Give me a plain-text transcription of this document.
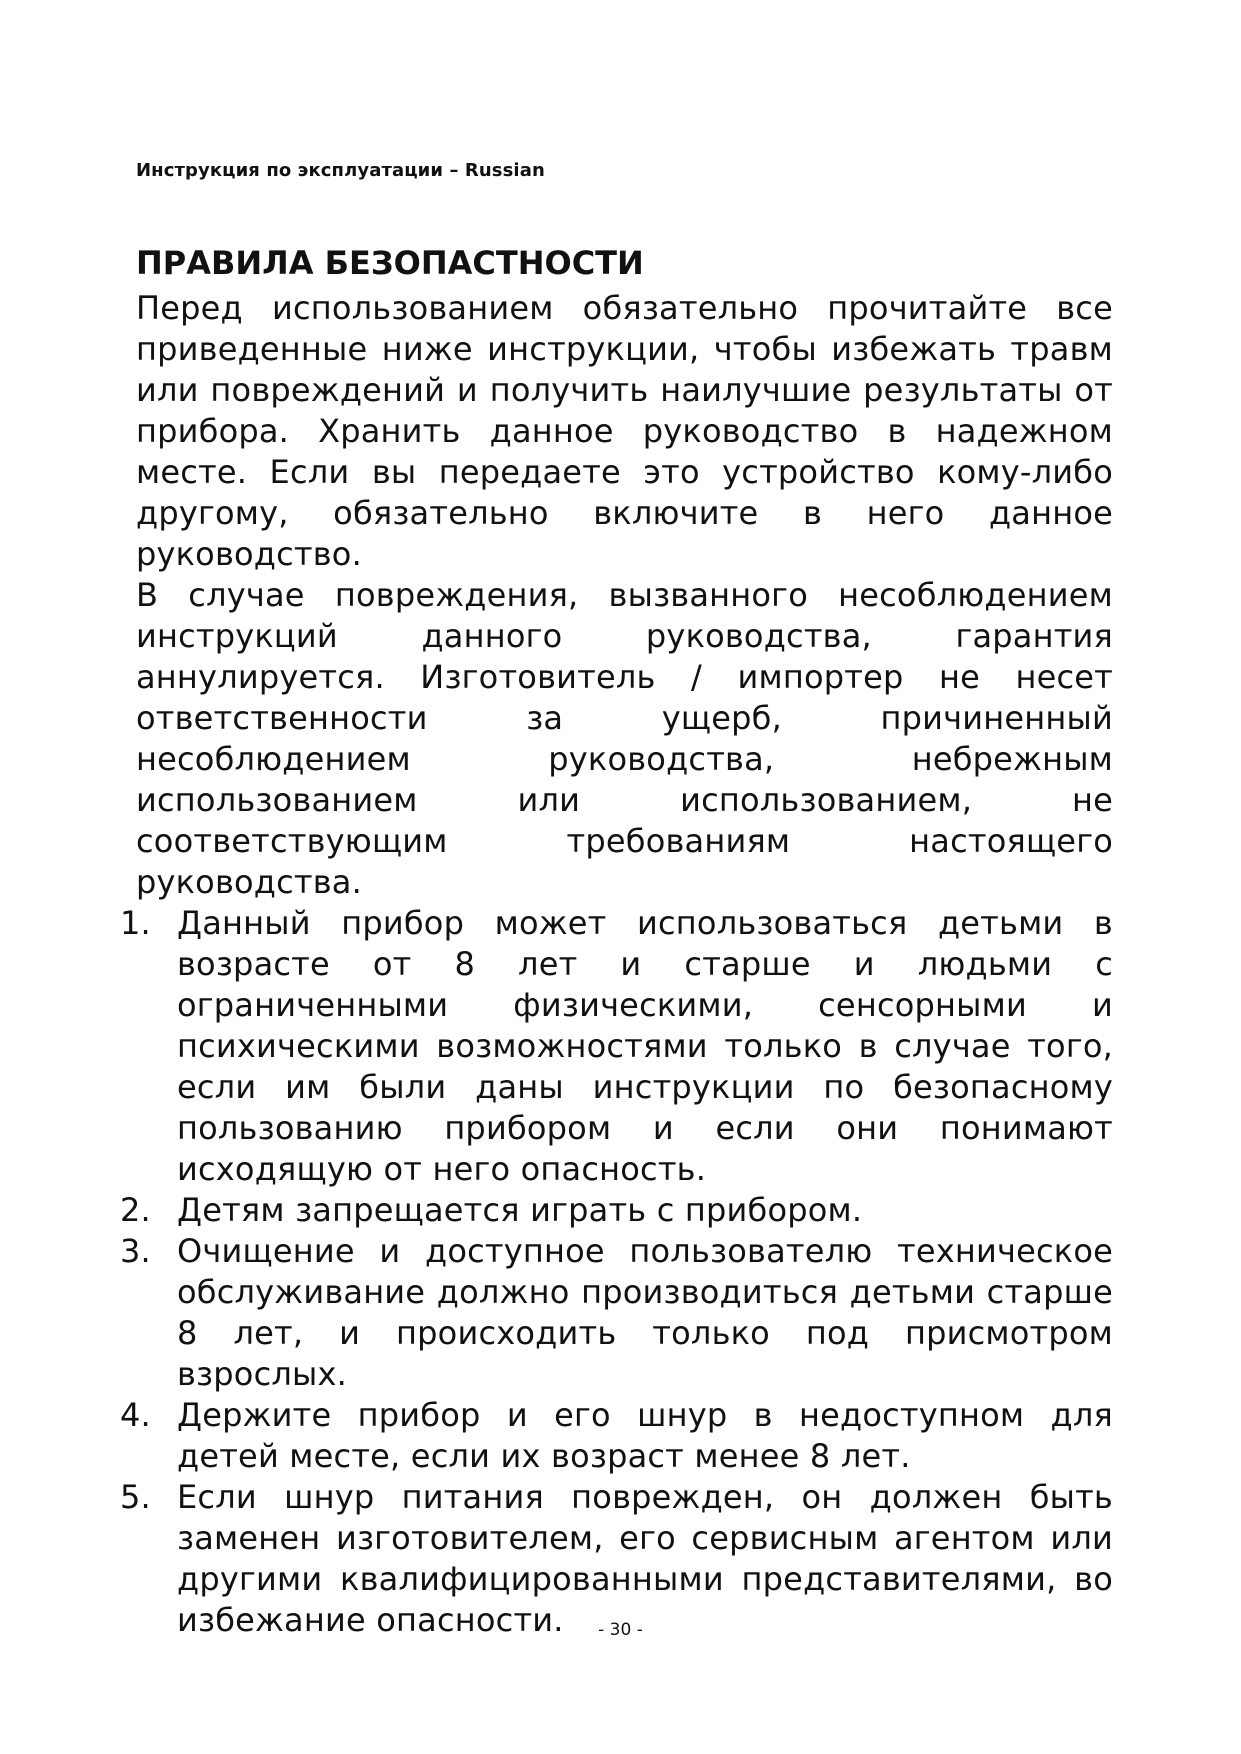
Инструкция по эксплуатации – Russian
ПРАВИЛА БЕЗОПАСТНОСТИ

Перед использованием обязательно прочитайте все приведенные ниже инструкции, чтобы избежать травм или повреждений и получить наилучшие результаты от прибора. Хранить данное руководство в надежном месте. Если вы передаете это устройство кому-либо другому, обязательно включите в него данное руководство.

В случае повреждения, вызванного несоблюдением инструкций данного руководства, гарантия аннулируется. Изготовитель / импортер не несет ответственности за ущерб, причиненный несоблюдением руководства, небрежным использованием или использованием, не соответствующим требованиям настоящего руководства.

1. Данный прибор может использоваться детьми в возрасте от 8 лет и старше и людьми с ограниченными физическими, сенсорными и психическими возможностями только в случае того, если им были даны инструкции по безопасному пользованию прибором и если они понимают исходящую от него опасность.
2. Детям запрещается играть с прибором.
3. Очищение и доступное пользователю техническое обслуживание должно производиться детьми старше 8 лет, и происходить только под присмотром взрослых.
4. Держите прибор и его шнур в недоступном для детей месте, если их возраст менее 8 лет.
5. Если шнур питания поврежден, он должен быть заменен изготовителем, его сервисным агентом или другими квалифицированными представителями, во избежание опасности.	- 30 -
